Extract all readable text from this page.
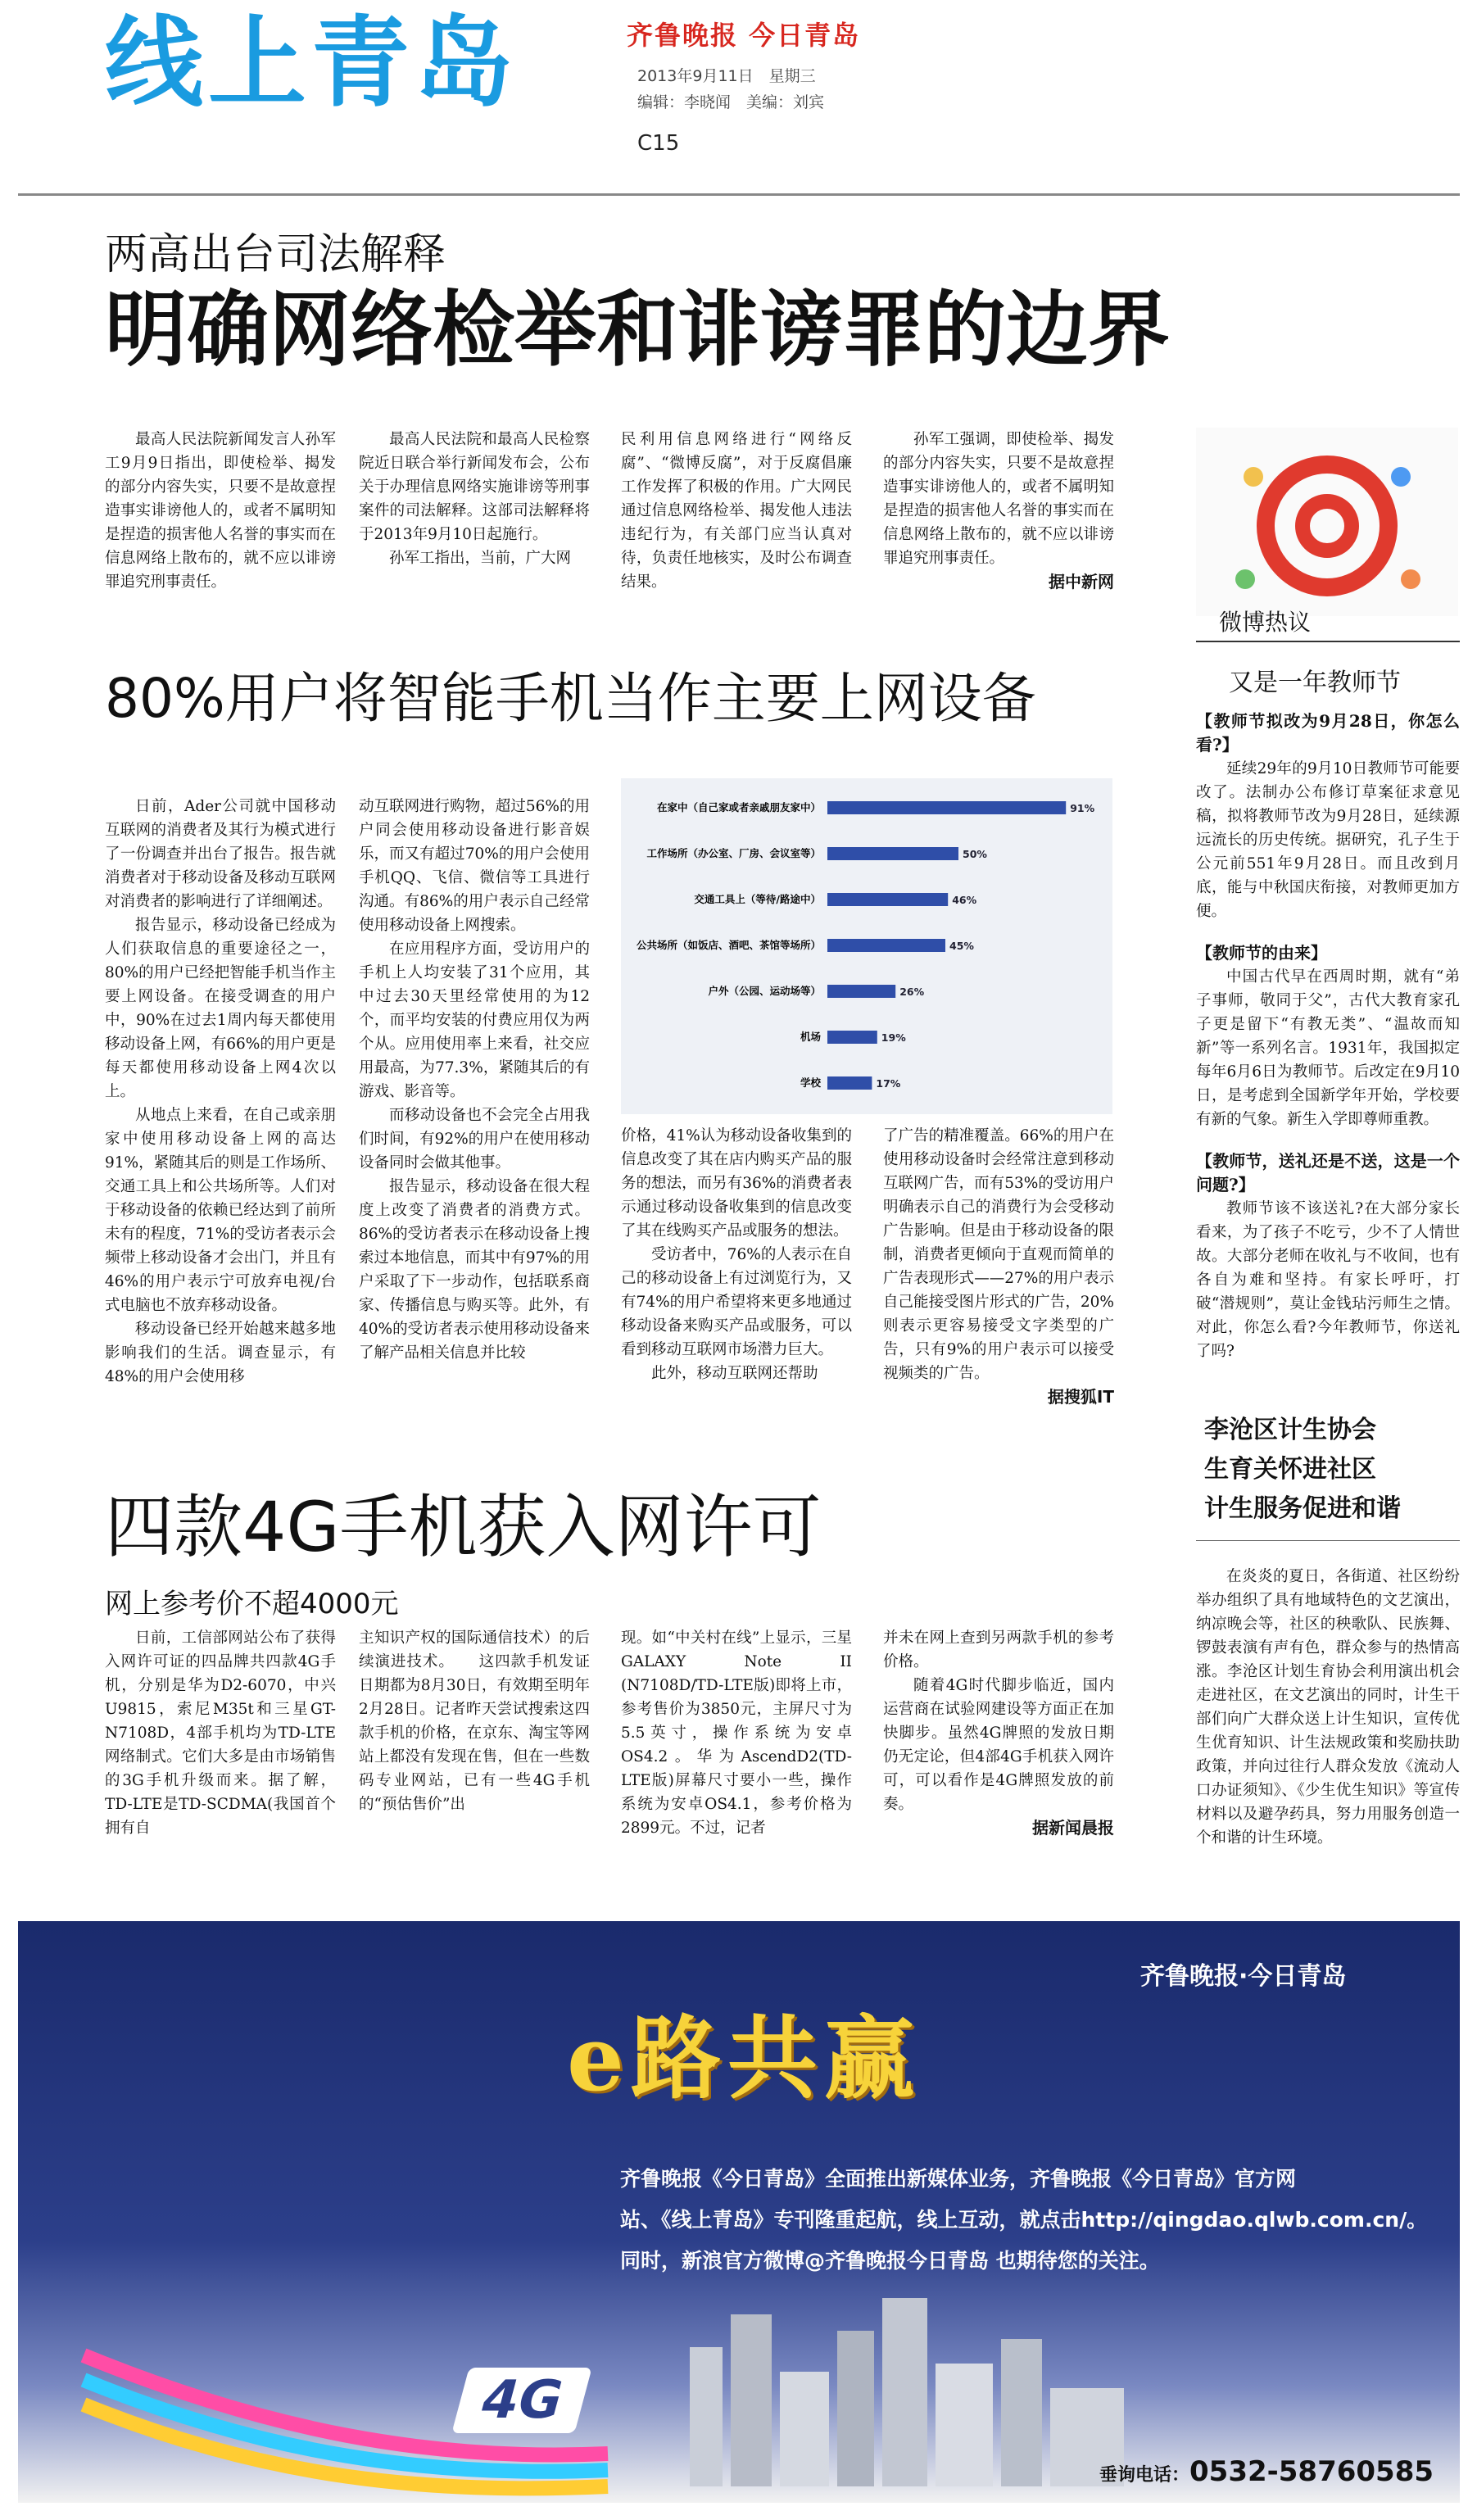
线上青岛	齐鲁晚报 今日青岛
2013年9月11日　星期三
编辑：李晓闻　美编：刘宾
C15
两高出台司法解释
明确网络检举和诽谤罪的边界

最高人民法院新闻发言人孙军工9月9日指出，即使检举、揭发的部分内容失实，只要不是故意捏造事实诽谤他人的，或者不属明知是捏造的损害他人名誉的事实而在信息网络上散布的，就不应以诽谤罪追究刑事责任。

最高人民法院和最高人民检察院近日联合举行新闻发布会，公布关于办理信息网络实施诽谤等刑事案件的司法解释。这部司法解释将于2013年9月10日起施行。

孙军工指出，当前，广大网

民利用信息网络进行“网络反腐”、“微博反腐”，对于反腐倡廉工作发挥了积极的作用。广大网民通过信息网络检举、揭发他人违法违纪行为，有关部门应当认真对待，负责任地核实，及时公布调查结果。

孙军工强调，即使检举、揭发的部分内容失实，只要不是故意捏造事实诽谤他人的，或者不属明知是捏造的损害他人名誉的事实而在信息网络上散布的，就不应以诽谤罪追究刑事责任。

据中新网
80%用户将智能手机当作主要上网设备

日前，Ader公司就中国移动互联网的消费者及其行为模式进行了一份调查并出台了报告。报告就消费者对于移动设备及移动互联网对消费者的影响进行了详细阐述。

报告显示，移动设备已经成为人们获取信息的重要途径之一，80%的用户已经把智能手机当作主要上网设备。在接受调查的用户中，90%在过去1周内每天都使用移动设备上网，有66%的用户更是每天都使用移动设备上网4次以上。

从地点上来看，在自己或亲朋家中使用移动设备上网的高达91%，紧随其后的则是工作场所、交通工具上和公共场所等。人们对于移动设备的依赖已经达到了前所未有的程度，71%的受访者表示会频带上移动设备才会出门，并且有46%的用户表示宁可放弃电视/台式电脑也不放弃移动设备。

移动设备已经开始越来越多地影响我们的生活。调查显示，有48%的用户会使用移

动互联网进行购物，超过56%的用户同会使用移动设备进行影音娱乐，而又有超过70%的用户会使用手机QQ、飞信、微信等工具进行沟通。有86%的用户表示自己经常使用移动设备上网搜索。

在应用程序方面，受访用户的手机上人均安装了31个应用，其中过去30天里经常使用的为12个，而平均安装的付费应用仅为两个从。应用使用率上来看，社交应用最高，为77.3%，紧随其后的有游戏、影音等。

而移动设备也不会完全占用我们时间，有92%的用户在使用移动设备同时会做其他事。

报告显示，移动设备在很大程度上改变了消费者的消费方式。86%的受访者表示在移动设备上搜索过本地信息，而其中有97%的用户采取了下一步动作，包括联系商家、传播信息与购买等。此外，有40%的受访者表示使用移动设备来了解产品相关信息并比较

在家中（自己家或者亲戚朋友家中）	91%
工作场所（办公室、厂房、会议室等）	50%
交通工具上（等待/路途中）	46%
公共场所（如饭店、酒吧、茶馆等场所）	45%
户外（公园、运动场等）	26%
机场	19%
学校	17%

价格，41%认为移动设备收集到的信息改变了其在店内购买产品的服务的想法，而另有36%的消费者表示通过移动设备收集到的信息改变了其在线购买产品或服务的想法。

受访者中，76%的人表示在自己的移动设备上有过浏览行为，又有74%的用户希望将来更多地通过移动设备来购买产品或服务，可以看到移动互联网市场潜力巨大。

此外，移动互联网还帮助

了广告的精准覆盖。66%的用户在使用移动设备时会经常注意到移动互联网广告，而有53%的受访用户明确表示自己的消费行为会受移动广告影响。但是由于移动设备的限制，消费者更倾向于直观而简单的广告表现形式——27%的用户表示自己能接受图片形式的广告，20%则表示更容易接受文字类型的广告，只有9%的用户表示可以接受视频类的广告。

据搜狐IT
四款4G手机获入网许可
网上参考价不超4000元

日前，工信部网站公布了获得入网许可证的四品牌共四款4G手机，分别是华为D2-6070，中兴U9815，索尼M35t和三星GT-N7108D，4部手机均为TD-LTE网络制式。它们大多是由市场销售的3G手机升级而来。据了解，TD-LTE是TD-SCDMA(我国首个拥有自

主知识产权的国际通信技术）的后续演进技术。　　这四款手机发证日期都为8月30日，有效期至明年2月28日。记者昨天尝试搜索这四款手机的价格，在京东、淘宝等网站上都没有发现在售，但在一些数码专业网站，已有一些4G手机的“预估售价”出

现。如“中关村在线”上显示，三星GALAXY Note II (N7108D/TD-LTE版)即将上市，参考售价为3850元，主屏尺寸为5.5英寸，操作系统为安卓OS4.2。华为AscendD2(TD-LTE版)屏幕尺寸要小一些，操作系统为安卓OS4.1，参考价格为2899元。不过，记者

并未在网上查到另两款手机的参考价格。

随着4G时代脚步临近，国内运营商在试验网建设等方面正在加快脚步。虽然4G牌照的发放日期仍无定论，但4部4G手机获入网许可，可以看作是4G牌照发放的前奏。

据新闻晨报
微博热议
又是一年教师节
【教师节拟改为9月28日，你怎么看?】

延续29年的9月10日教师节可能要改了。法制办公布修订草案征求意见稿，拟将教师节改为9月28日，延续源远流长的历史传统。据研究，孔子生于公元前551年9月28日。而且改到月底，能与中秋国庆衔接，对教师更加方便。

【教师节的由来】

中国古代早在西周时期，就有“弟子事师，敬同于父”，古代大教育家孔子更是留下“有教无类”、“温故而知新”等一系列名言。1931年，我国拟定每年6月6日为教师节。后改定在9月10日，是考虑到全国新学年开始，学校要有新的气象。新生入学即尊师重教。

【教师节，送礼还是不送，这是一个问题?】

教师节该不该送礼?在大部分家长看来，为了孩子不吃亏，少不了人情世故。大部分老师在收礼与不收间，也有各自为难和坚持。有家长呼吁，打破“潜规则”，莫让金钱玷污师生之情。对此，你怎么看?今年教师节，你送礼了吗?

李沧区计生协会
生育关怀进社区
计生服务促进和谐

在炎炎的夏日，各街道、社区纷纷举办组织了具有地域特色的文艺演出，纳凉晚会等，社区的秧歌队、民族舞、锣鼓表演有声有色，群众参与的热情高涨。李沧区计划生育协会利用演出机会走进社区，在文艺演出的同时，计生干部们向广大群众送上计生知识，宣传优生优育知识、计生法规政策和奖励扶助政策，并向过往行人群众发放《流动人口办证须知》、《少生优生知识》等宣传材料以及避孕药具，努力用服务创造一个和谐的计生环境。

齐鲁晚报·今日青岛
e路共赢
齐鲁晚报《今日青岛》全面推出新媒体业务，齐鲁晚报《今日青岛》官方网
站、《线上青岛》专刊隆重起航，线上互动，就点击http://qingdao.qlwb.com.cn/。
同时，新浪官方微博@齐鲁晚报今日青岛 也期待您的关注。
4G
垂询电话：0532-58760585
